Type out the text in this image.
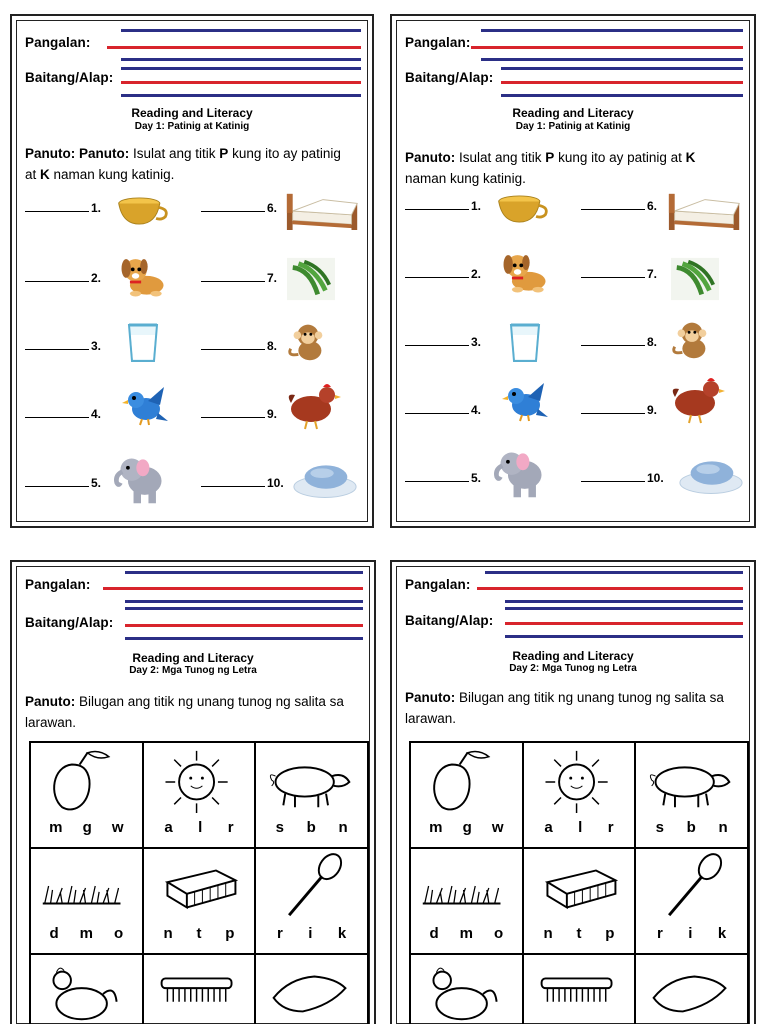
Pangalan:
Baitang/Alap:
Reading and Literacy
Day 1: Patinig at Katinig
Panuto: Panuto: Isulat ang titik P kung ito ay patinig at K naman kung katinig.
1.
2.
3.
4.
5.
6.
7.
8.
9.
10.
Pangalan:
Baitang/Alap:
Reading and Literacy
Day 1: Patinig at Katinig
Panuto: Isulat ang titik P kung ito ay patinig at K naman kung katinig.
1.
2.
3.
4.
5.
6.
7.
8.
9.
10.
Pangalan:
Baitang/Alap:
Reading and Literacy
Day 2: Mga Tunog ng Letra
Panuto: Bilugan ang titik ng unang tunog ng salita sa larawan.
m g w	a l r	s b n
d m o	n t p	r i k
Pangalan:
Baitang/Alap:
Reading and Literacy
Day 2: Mga Tunog ng Letra
Panuto: Bilugan ang titik ng unang tunog ng salita sa larawan.
m g w	a l r	s b n
d m o	n t p	r i k
